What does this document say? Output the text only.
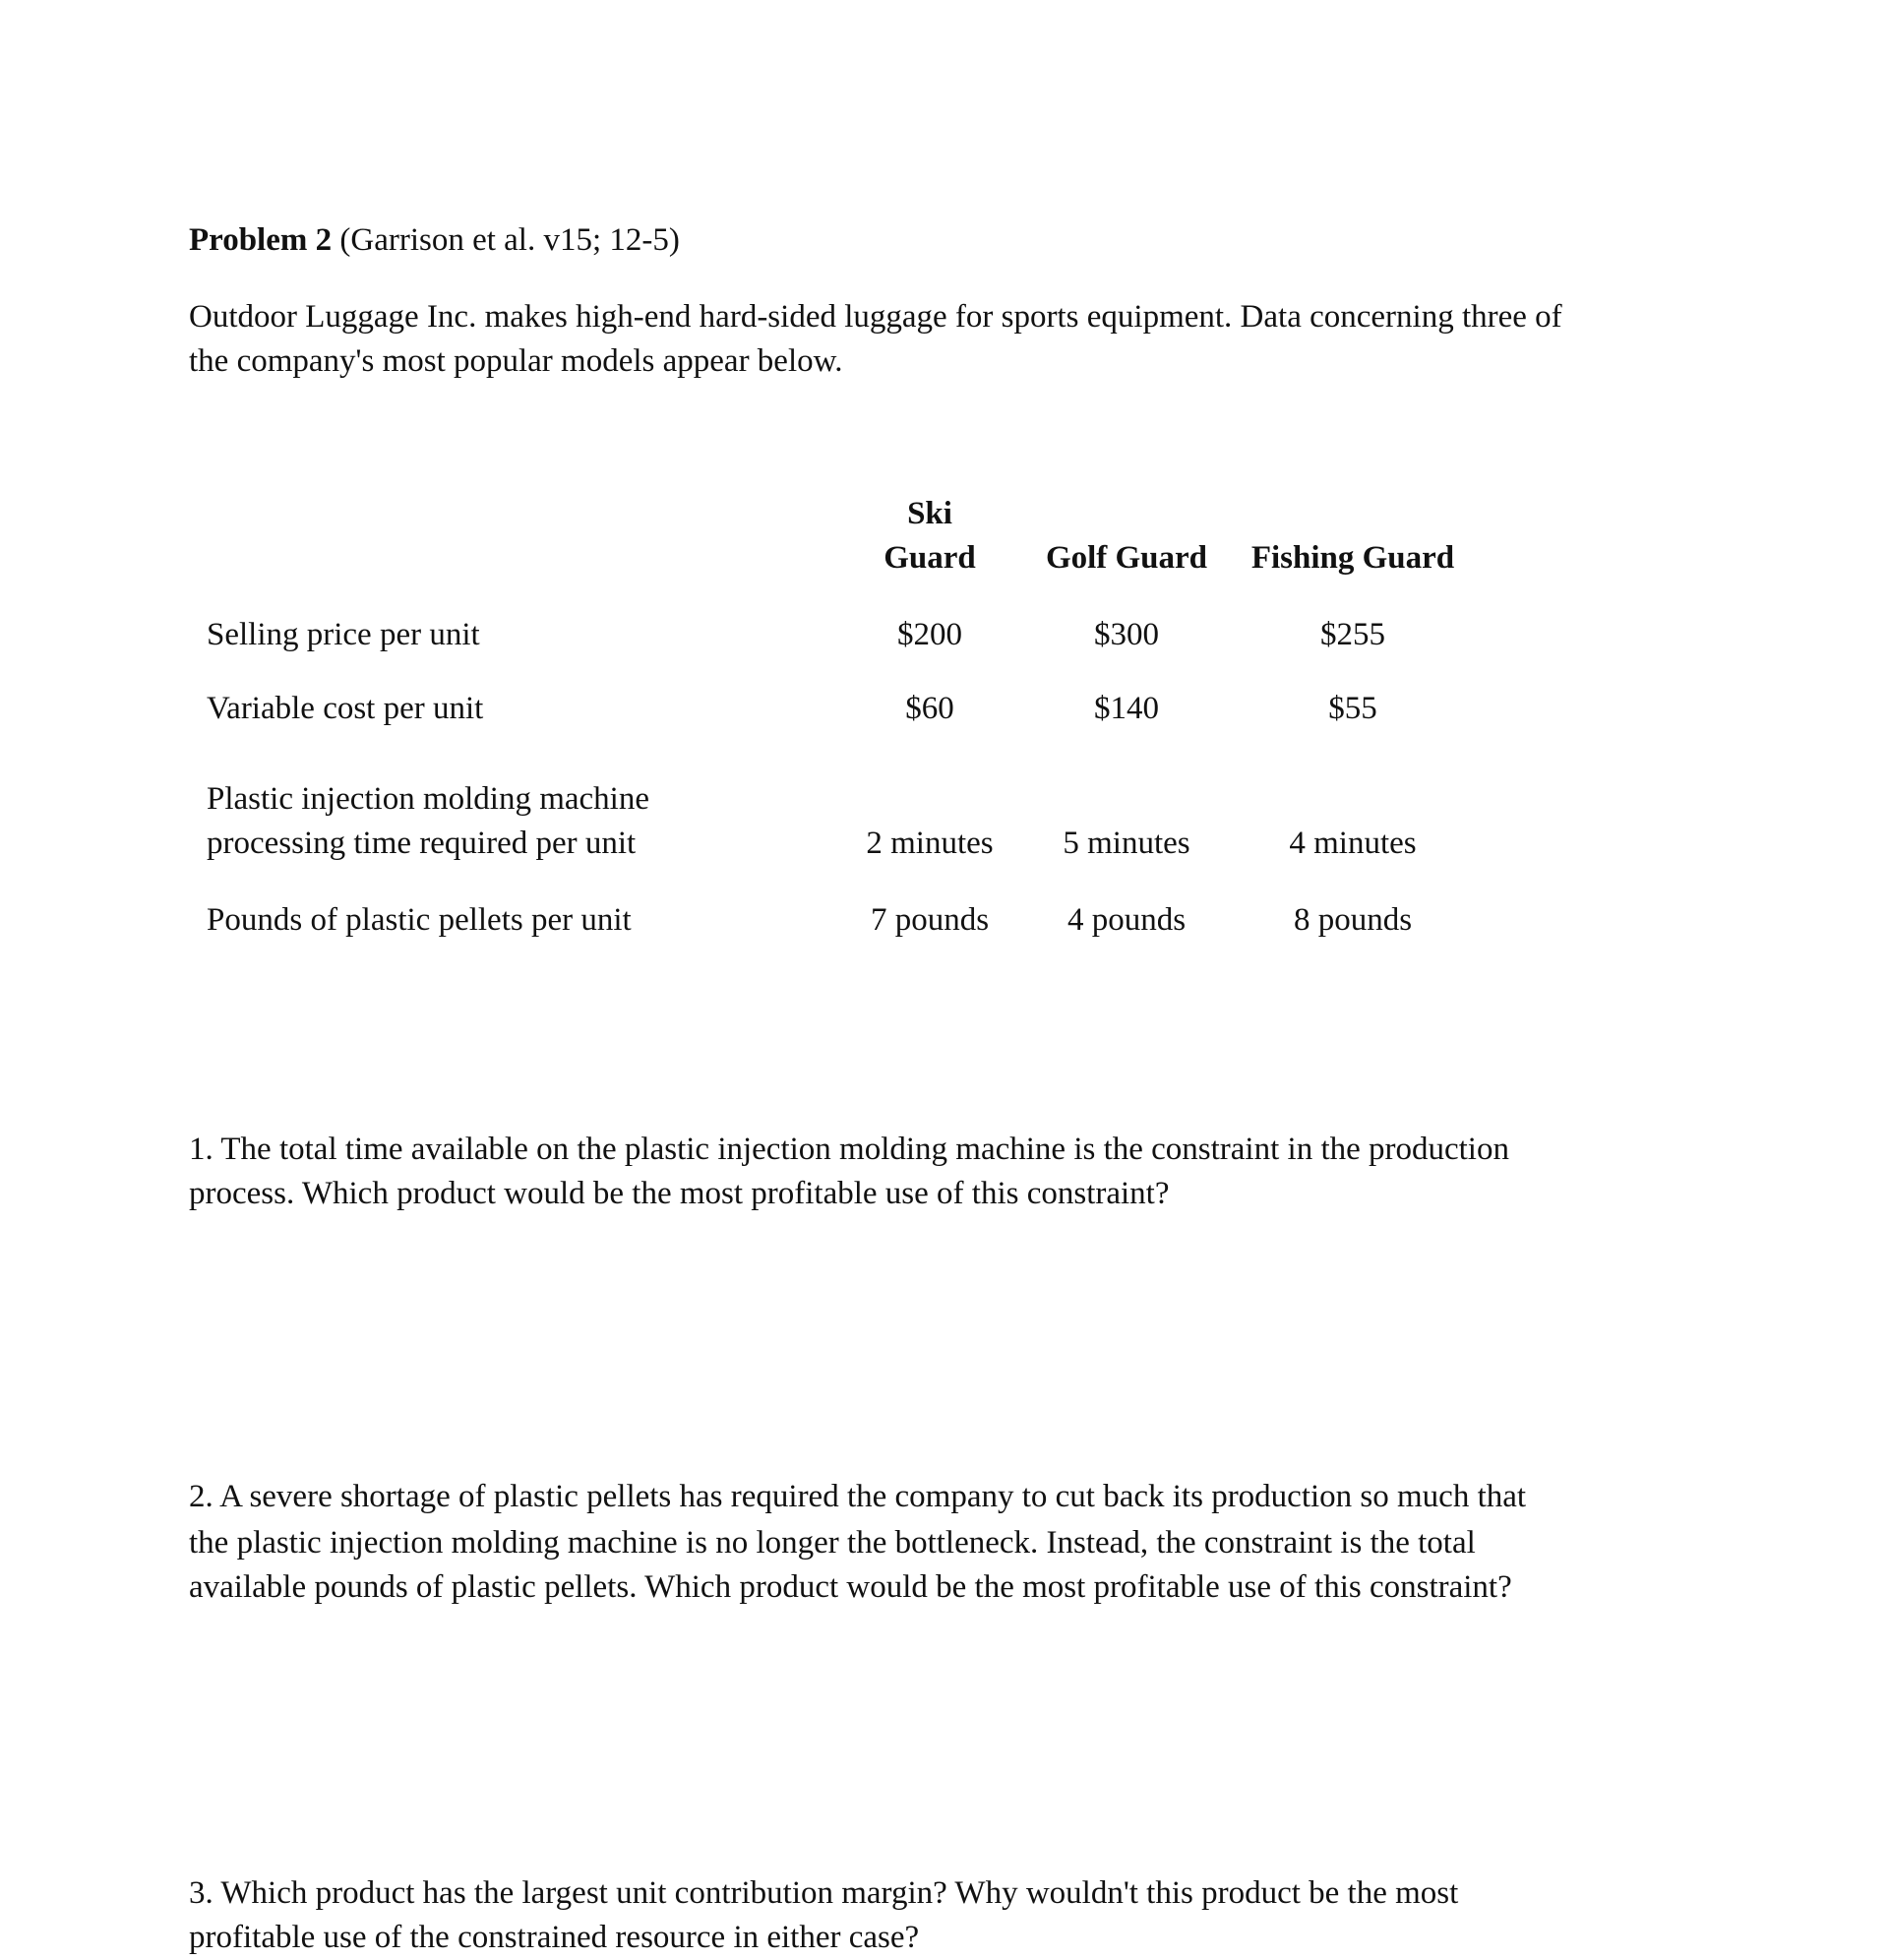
Problem 2 (Garrison et al. v15; 12-5)
Outdoor Luggage Inc. makes high-end hard-sided luggage for sports equipment. Data concerning three of
the company's most popular models appear below.
Ski
Guard	Golf Guard	Fishing Guard
Selling price per unit	$200	$300	$255
Variable cost per unit	$60	$140	$55
Plastic injection molding machine
processing time required per unit	2 minutes	5 minutes	4 minutes
Pounds of plastic pellets per unit	7 pounds	4 pounds	8 pounds
1. The total time available on the plastic injection molding machine is the constraint in the production
process. Which product would be the most profitable use of this constraint?
2. A severe shortage of plastic pellets has required the company to cut back its production so much that
the plastic injection molding machine is no longer the bottleneck. Instead, the constraint is the total
available pounds of plastic pellets. Which product would be the most profitable use of this constraint?
3. Which product has the largest unit contribution margin? Why wouldn't this product be the most
profitable use of the constrained resource in either case?
